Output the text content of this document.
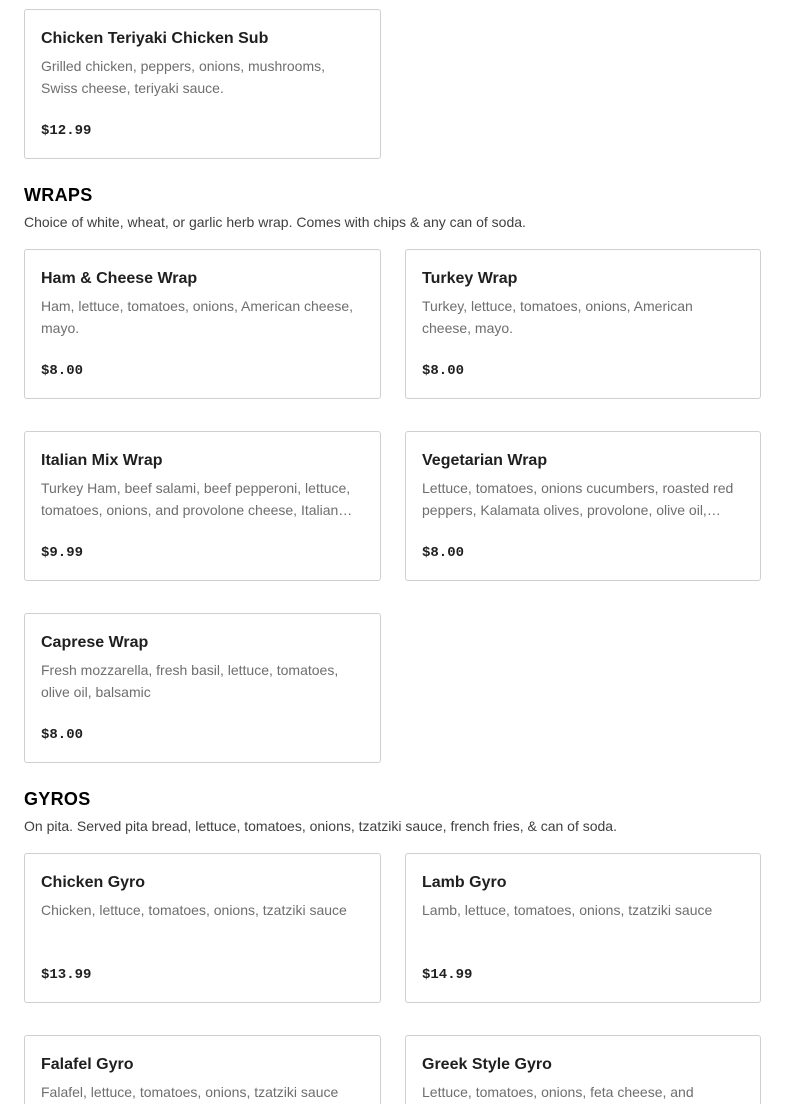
Chicken Teriyaki Chicken Sub
Grilled chicken, peppers, onions, mushrooms, Swiss cheese, teriyaki sauce.
$12.99
WRAPS

Choice of white, wheat, or garlic herb wrap. Comes with chips & any can of soda.

Ham & Cheese Wrap
Ham, lettuce, tomatoes, onions, American cheese, mayo.
$8.00
Turkey Wrap
Turkey, lettuce, tomatoes, onions, American cheese, mayo.
$8.00
Italian Mix Wrap
Turkey Ham, beef salami, beef pepperoni, lettuce, tomatoes, onions, and provolone cheese, Italian…
$9.99
Vegetarian Wrap
Lettuce, tomatoes, onions cucumbers, roasted red peppers, Kalamata olives, provolone, olive oil,…
$8.00
Caprese Wrap
Fresh mozzarella, fresh basil, lettuce, tomatoes, olive oil, balsamic
$8.00
GYROS

On pita. Served pita bread, lettuce, tomatoes, onions, tzatziki sauce, french fries, & can of soda.

Chicken Gyro
Chicken, lettuce, tomatoes, onions, tzatziki sauce
$13.99
Lamb Gyro
Lamb, lettuce, tomatoes, onions, tzatziki sauce
$14.99
Falafel Gyro
Falafel, lettuce, tomatoes, onions, tzatziki sauce
Greek Style Gyro
Lettuce, tomatoes, onions, feta cheese, and
